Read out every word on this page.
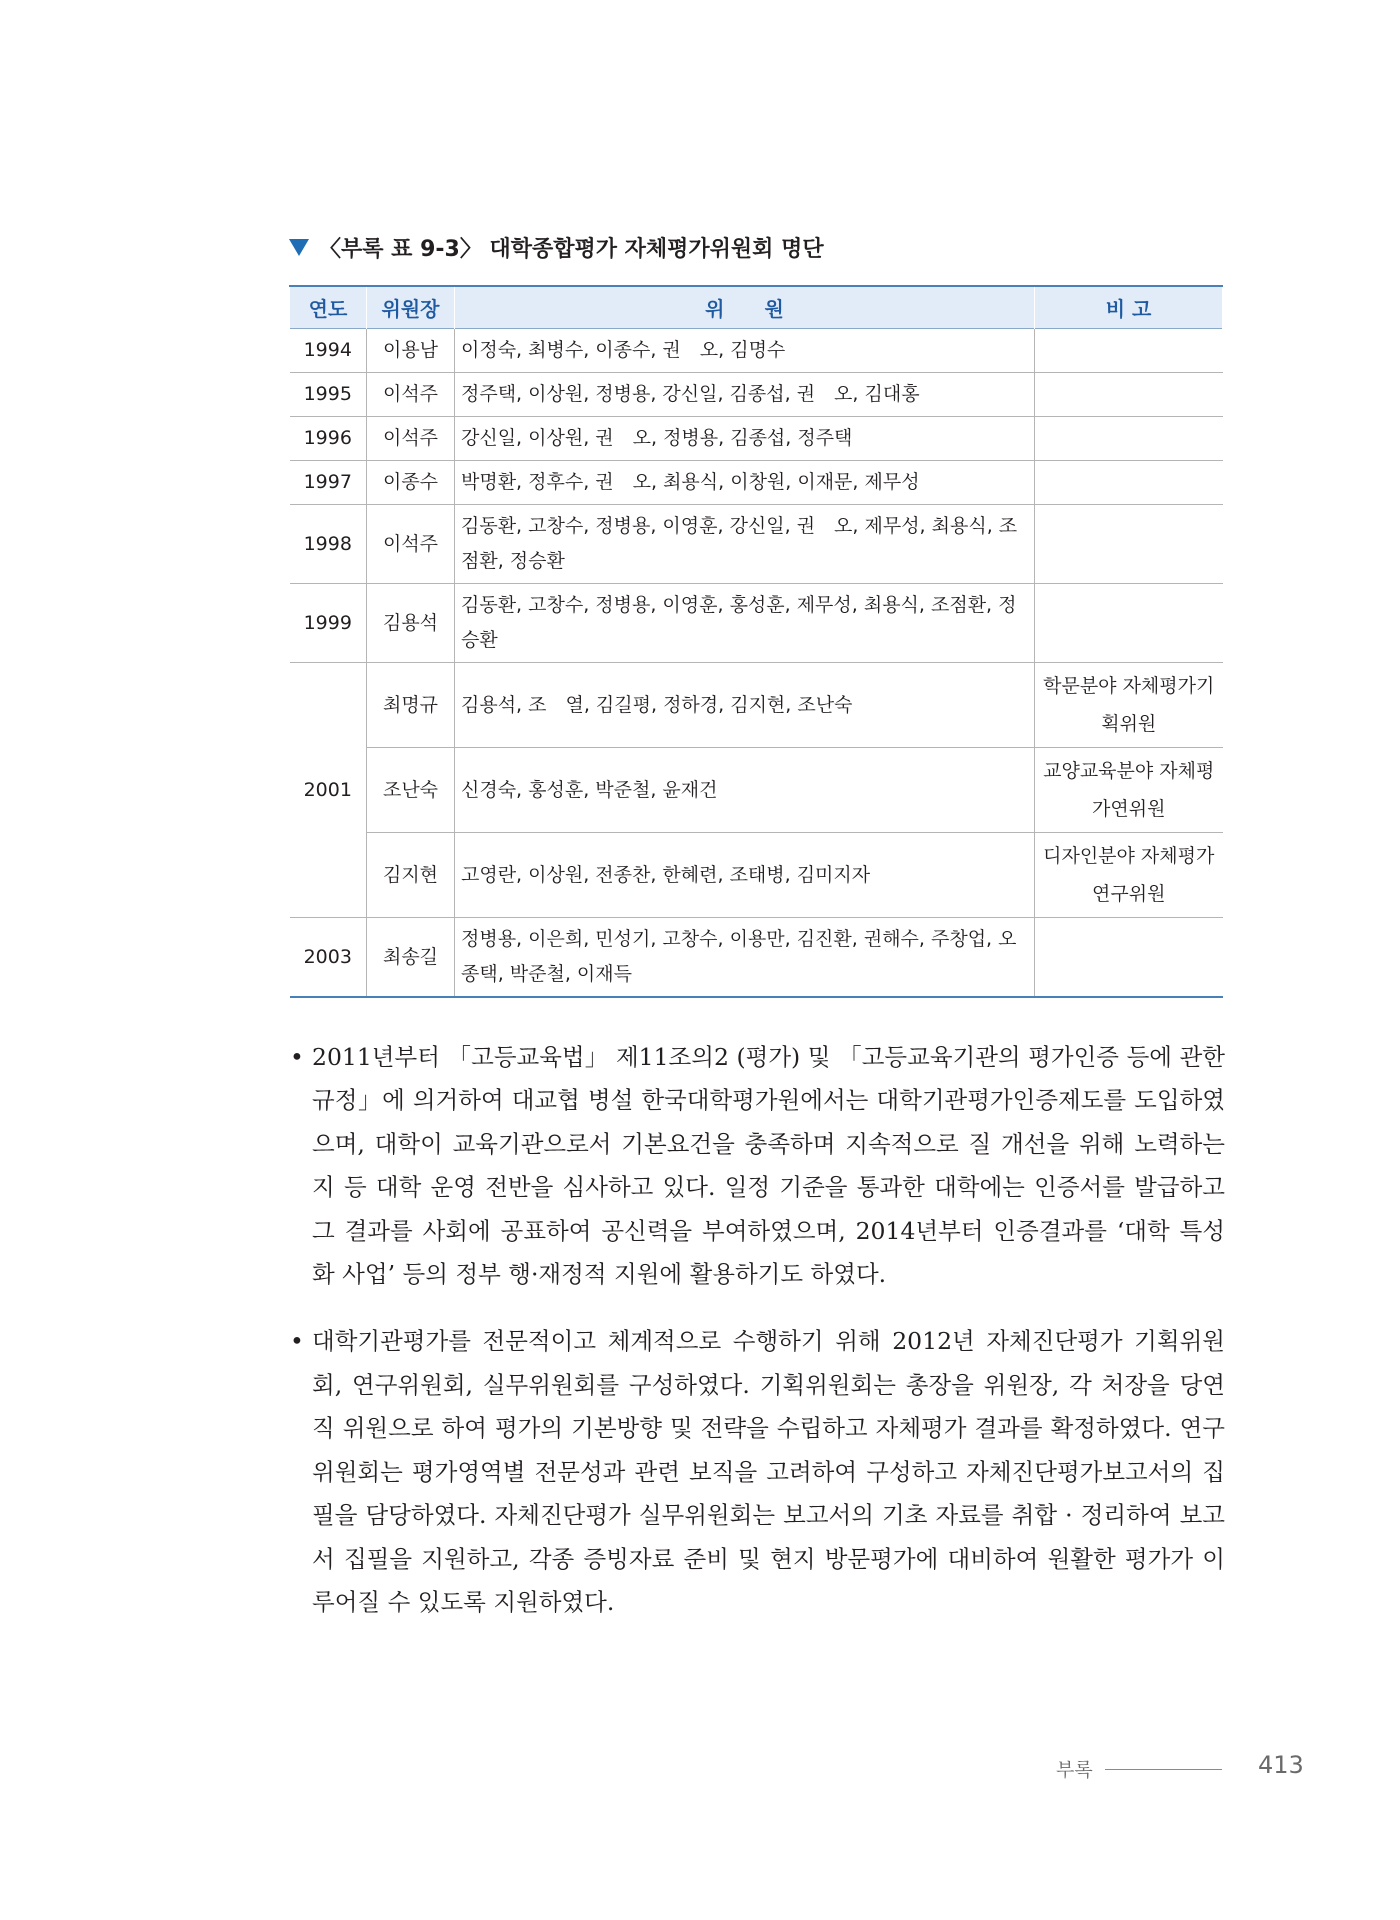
〈부록 표 9-3〉 대학종합평가 자체평가위원회 명단
연도	위원장	위　　원	비 고
1994	이용남	이정숙, 최병수, 이종수, 권　오, 김명수	
1995	이석주	정주택, 이상원, 정병용, 강신일, 김종섭, 권　오, 김대홍	
1996	이석주	강신일, 이상원, 권　오, 정병용, 김종섭, 정주택	
1997	이종수	박명환, 정후수, 권　오, 최용식, 이창원, 이재문, 제무성	
1998	이석주	김동환, 고창수, 정병용, 이영훈, 강신일, 권　오, 제무성, 최용식, 조점환, 정승환	
1999	김용석	김동환, 고창수, 정병용, 이영훈, 홍성훈, 제무성, 최용식, 조점환, 정승환	
2001	최명규	김용석, 조　열, 김길평, 정하경, 김지현, 조난숙	학문분야 자체평가기획위원
	조난숙	신경숙, 홍성훈, 박준철, 윤재건	교양교육분야 자체평가연위원
	김지현	고영란, 이상원, 전종찬, 한혜련, 조태병, 김미지자	디자인분야 자체평가연구위원
2003	최송길	정병용, 이은희, 민성기, 고창수, 이용만, 김진환, 권해수, 주창업, 오종택, 박준철, 이재득	

• 2011년부터 「고등교육법」 제11조의2 (평가) 및 「고등교육기관의 평가인증 등에 관한 규정」에 의거하여 대교협 병설 한국대학평가원에서는 대학기관평가인증제도를 도입하였으며, 대학이 교육기관으로서 기본요건을 충족하며 지속적으로 질 개선을 위해 노력하는지 등 대학 운영 전반을 심사하고 있다. 일정 기준을 통과한 대학에는 인증서를 발급하고 그 결과를 사회에 공표하여 공신력을 부여하였으며, 2014년부터 인증결과를 ‘대학 특성화 사업’ 등의 정부 행·재정적 지원에 활용하기도 하였다.

• 대학기관평가를 전문적이고 체계적으로 수행하기 위해 2012년 자체진단평가 기획위원회, 연구위원회, 실무위원회를 구성하였다. 기획위원회는 총장을 위원장, 각 처장을 당연직 위원으로 하여 평가의 기본방향 및 전략을 수립하고 자체평가 결과를 확정하였다. 연구위원회는 평가영역별 전문성과 관련 보직을 고려하여 구성하고 자체진단평가보고서의 집필을 담당하였다. 자체진단평가 실무위원회는 보고서의 기초 자료를 취합 · 정리하여 보고서 집필을 지원하고, 각종 증빙자료 준비 및 현지 방문평가에 대비하여 원활한 평가가 이루어질 수 있도록 지원하였다.

부록	413
